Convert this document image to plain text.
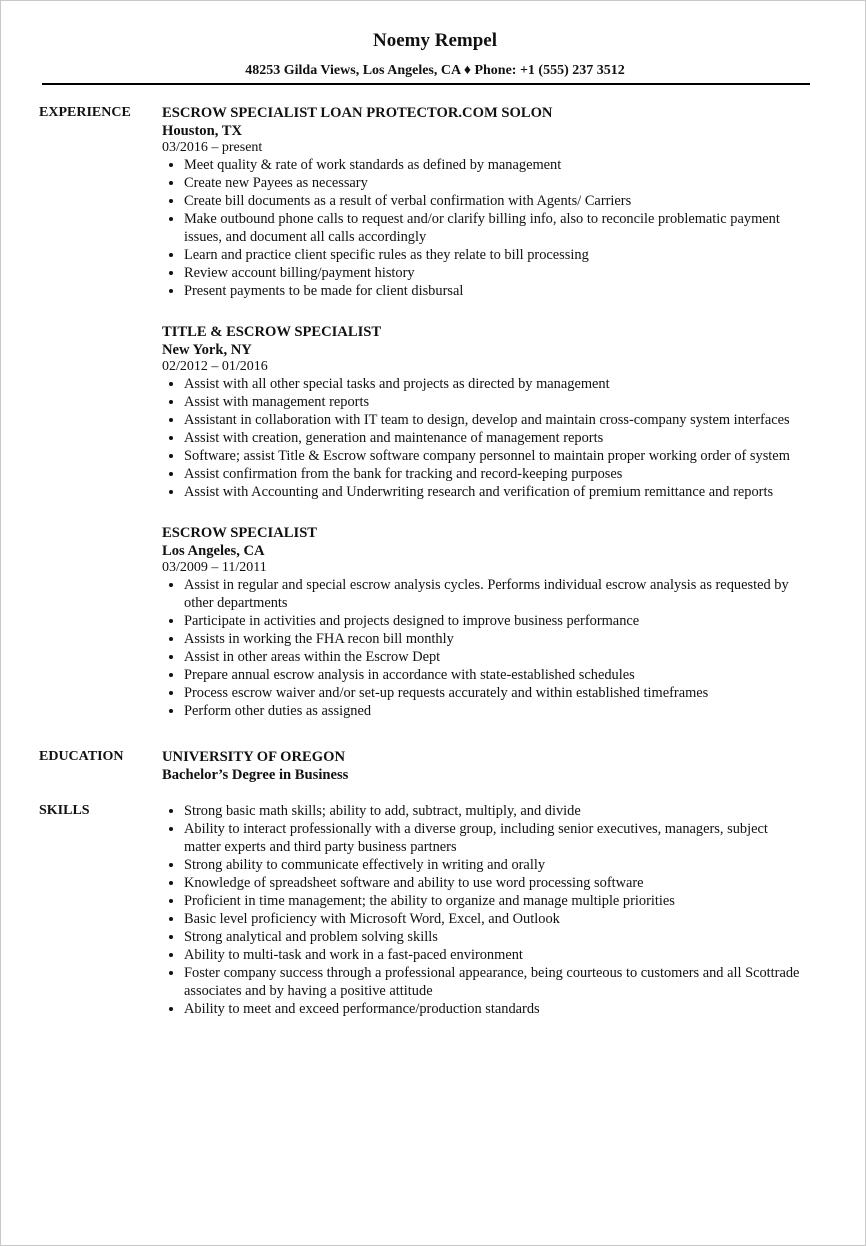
Noemy Rempel
48253 Gilda Views, Los Angeles, CA ♦ Phone: +1 (555) 237 3512
EXPERIENCE	ESCROW SPECIALIST LOAN PROTECTOR.COM SOLON
Houston, TX
03/2016 – present
• Meet quality & rate of work standards as defined by management
• Create new Payees as necessary
• Create bill documents as a result of verbal confirmation with Agents/ Carriers
• Make outbound phone calls to request and/or clarify billing info, also to reconcile problematic payment issues, and document all calls accordingly
• Learn and practice client specific rules as they relate to bill processing
• Review account billing/payment history
• Present payments to be made for client disbursal
TITLE & ESCROW SPECIALIST
New York, NY
02/2012 – 01/2016
• Assist with all other special tasks and projects as directed by management
• Assist with management reports
• Assistant in collaboration with IT team to design, develop and maintain cross-company system interfaces
• Assist with creation, generation and maintenance of management reports
• Software; assist Title & Escrow software company personnel to maintain proper working order of system
• Assist confirmation from the bank for tracking and record-keeping purposes
• Assist with Accounting and Underwriting research and verification of premium remittance and reports
ESCROW SPECIALIST
Los Angeles, CA
03/2009 – 11/2011
• Assist in regular and special escrow analysis cycles. Performs individual escrow analysis as requested by other departments
• Participate in activities and projects designed to improve business performance
• Assists in working the FHA recon bill monthly
• Assist in other areas within the Escrow Dept
• Prepare annual escrow analysis in accordance with state-established schedules
• Process escrow waiver and/or set-up requests accurately and within established timeframes
• Perform other duties as assigned
EDUCATION	UNIVERSITY OF OREGON
Bachelor’s Degree in Business
SKILLS
•	Strong basic math skills; ability to add, subtract, multiply, and divide
• Ability to interact professionally with a diverse group, including senior executives, managers, subject matter experts and third party business partners
• Strong ability to communicate effectively in writing and orally
• Knowledge of spreadsheet software and ability to use word processing software
• Proficient in time management; the ability to organize and manage multiple priorities
• Basic level proficiency with Microsoft Word, Excel, and Outlook
• Strong analytical and problem solving skills
• Ability to multi-task and work in a fast-paced environment
• Foster company success through a professional appearance, being courteous to customers and all Scottrade associates and by having a positive attitude
• Ability to meet and exceed performance/production standards
